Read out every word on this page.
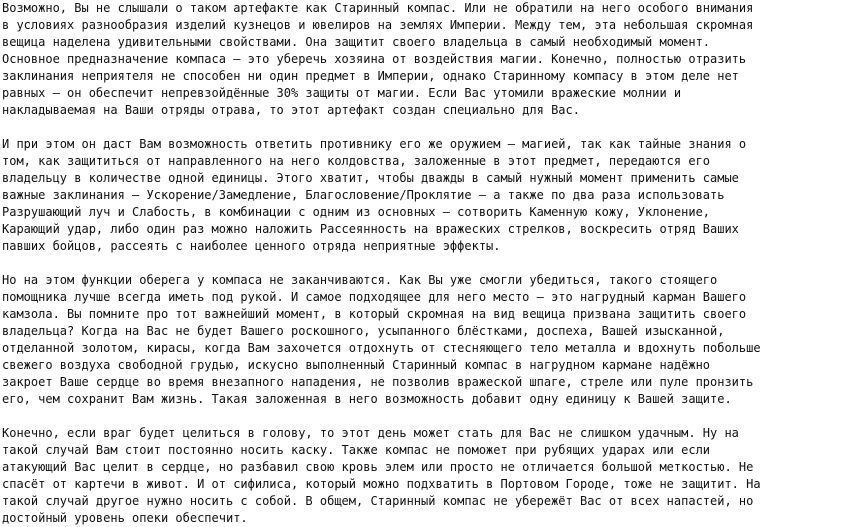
Возможно, Вы не слышали о таком артефакте как Старинный компас. Или не обратили на него особого внимания
в условиях разнообразия изделий кузнецов и ювелиров на землях Империи. Между тем, эта небольшая скромная
вещица наделена удивительными свойствами. Она защитит своего владельца в самый необходимый момент.
Основное предназначение компаса – это уберечь хозяина от воздействия магии. Конечно, полностью отразить
заклинания неприятеля не способен ни один предмет в Империи, однако Старинному компасу в этом деле нет
равных – он обеспечит непревзойдённые 30% защиты от магии. Если Вас утомили вражеские молнии и
накладываемая на Ваши отряды отрава, то этот артефакт создан специально для Вас.
И при этом он даст Вам возможность ответить противнику его же оружием – магией, так как тайные знания о
том, как защититься от направленного на него колдовства, заложенные в этот предмет, передаются его
владельцу в количестве одной единицы. Этого хватит, чтобы дважды в самый нужный момент применить самые
важные заклинания – Ускорение/Замедление, Благословение/Проклятие – а также по два раза использовать
Разрушающий луч и Слабость, в комбинации с одним из основных – сотворить Каменную кожу, Уклонение,
Карающий удар, либо один раз можно наложить Рассеянность на вражеских стрелков, воскресить отряд Ваших
павших бойцов, рассеять с наиболее ценного отряда неприятные эффекты.
Но на этом функции оберега у компаса не заканчиваются. Как Вы уже смогли убедиться, такого стоящего
помощника лучше всегда иметь под рукой. И самое подходящее для него место – это нагрудный карман Вашего
камзола. Вы помните про тот важнейший момент, в который скромная на вид вещица призвана защитить своего
владельца? Когда на Вас не будет Вашего роскошного, усыпанного блёстками, доспеха, Вашей изысканной,
отделанной золотом, кирасы, когда Вам захочется отдохнуть от стесняющего тело металла и вдохнуть побольше
свежего воздуха свободной грудью, искусно выполненный Старинный компас в нагрудном кармане надёжно
закроет Ваше сердце во время внезапного нападения, не позволив вражеской шпаге, стреле или пуле пронзить
его, чем сохранит Вам жизнь. Такая заложенная в него возможность добавит одну единицу к Вашей защите.
Конечно, если враг будет целиться в голову, то этот день может стать для Вас не слишком удачным. Ну на
такой случай Вам стоит постоянно носить каску. Также компас не поможет при рубящих ударах или если
атакующий Вас целит в сердце, но разбавил свою кровь элем или просто не отличается большой меткостью. Не
спасёт от картечи в живот. И от сифилиса, который можно подхватить в Портовом Городе, тоже не защитит. На
такой случай другое нужно носить с собой. В общем, Старинный компас не убережёт Вас от всех напастей, но
достойный уровень опеки обеспечит.
